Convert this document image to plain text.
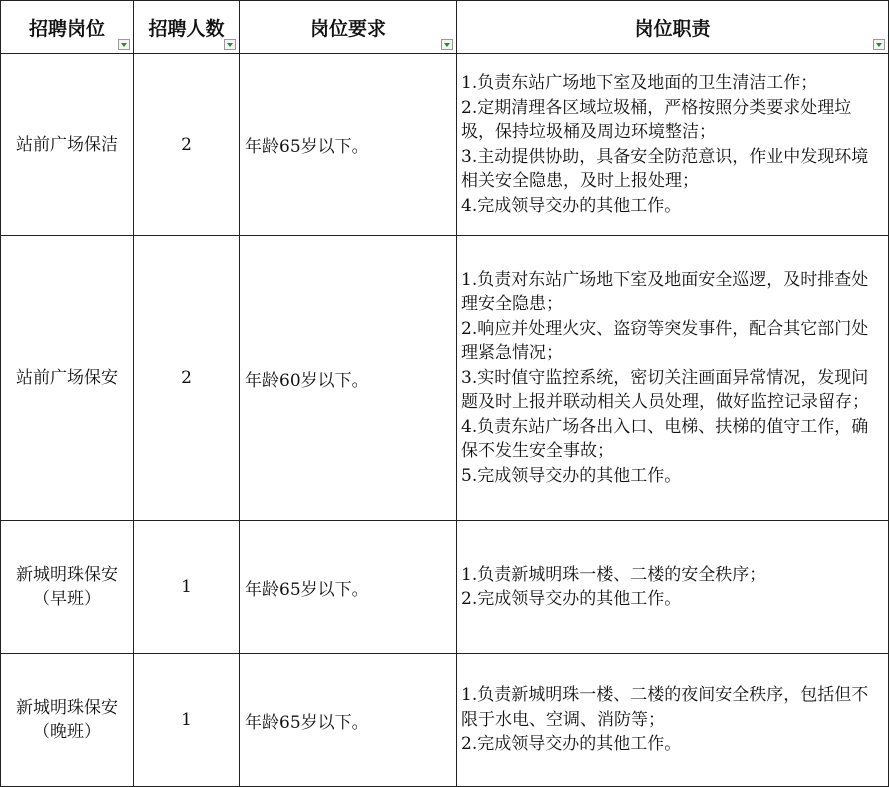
招聘岗位	招聘人数	岗位要求	岗位职责

站前广场保洁	2	年龄65岁以下。	1.负责东站广场地下室及地面的卫生清洁工作；
2.定期清理各区域垃圾桶，严格按照分类要求处理垃圾，保持垃圾桶及周边环境整洁；
3.主动提供协助，具备安全防范意识，作业中发现环境相关安全隐患，及时上报处理；
4.完成领导交办的其他工作。

站前广场保安	2	年龄60岁以下。	1.负责对东站广场地下室及地面安全巡逻，及时排查处理安全隐患；
2.响应并处理火灾、盗窃等突发事件，配合其它部门处理紧急情况；
3.实时值守监控系统，密切关注画面异常情况，发现问题及时上报并联动相关人员处理，做好监控记录留存；
4.负责东站广场各出入口、电梯、扶梯的值守工作，确保不发生安全事故；
5.完成领导交办的其他工作。

新城明珠保安
（早班）	1	年龄65岁以下。	1.负责新城明珠一楼、二楼的安全秩序；
2.完成领导交办的其他工作。

新城明珠保安
（晚班）	1	年龄65岁以下。	1.负责新城明珠一楼、二楼的夜间安全秩序，包括但不限于水电、空调、消防等；
2.完成领导交办的其他工作。
